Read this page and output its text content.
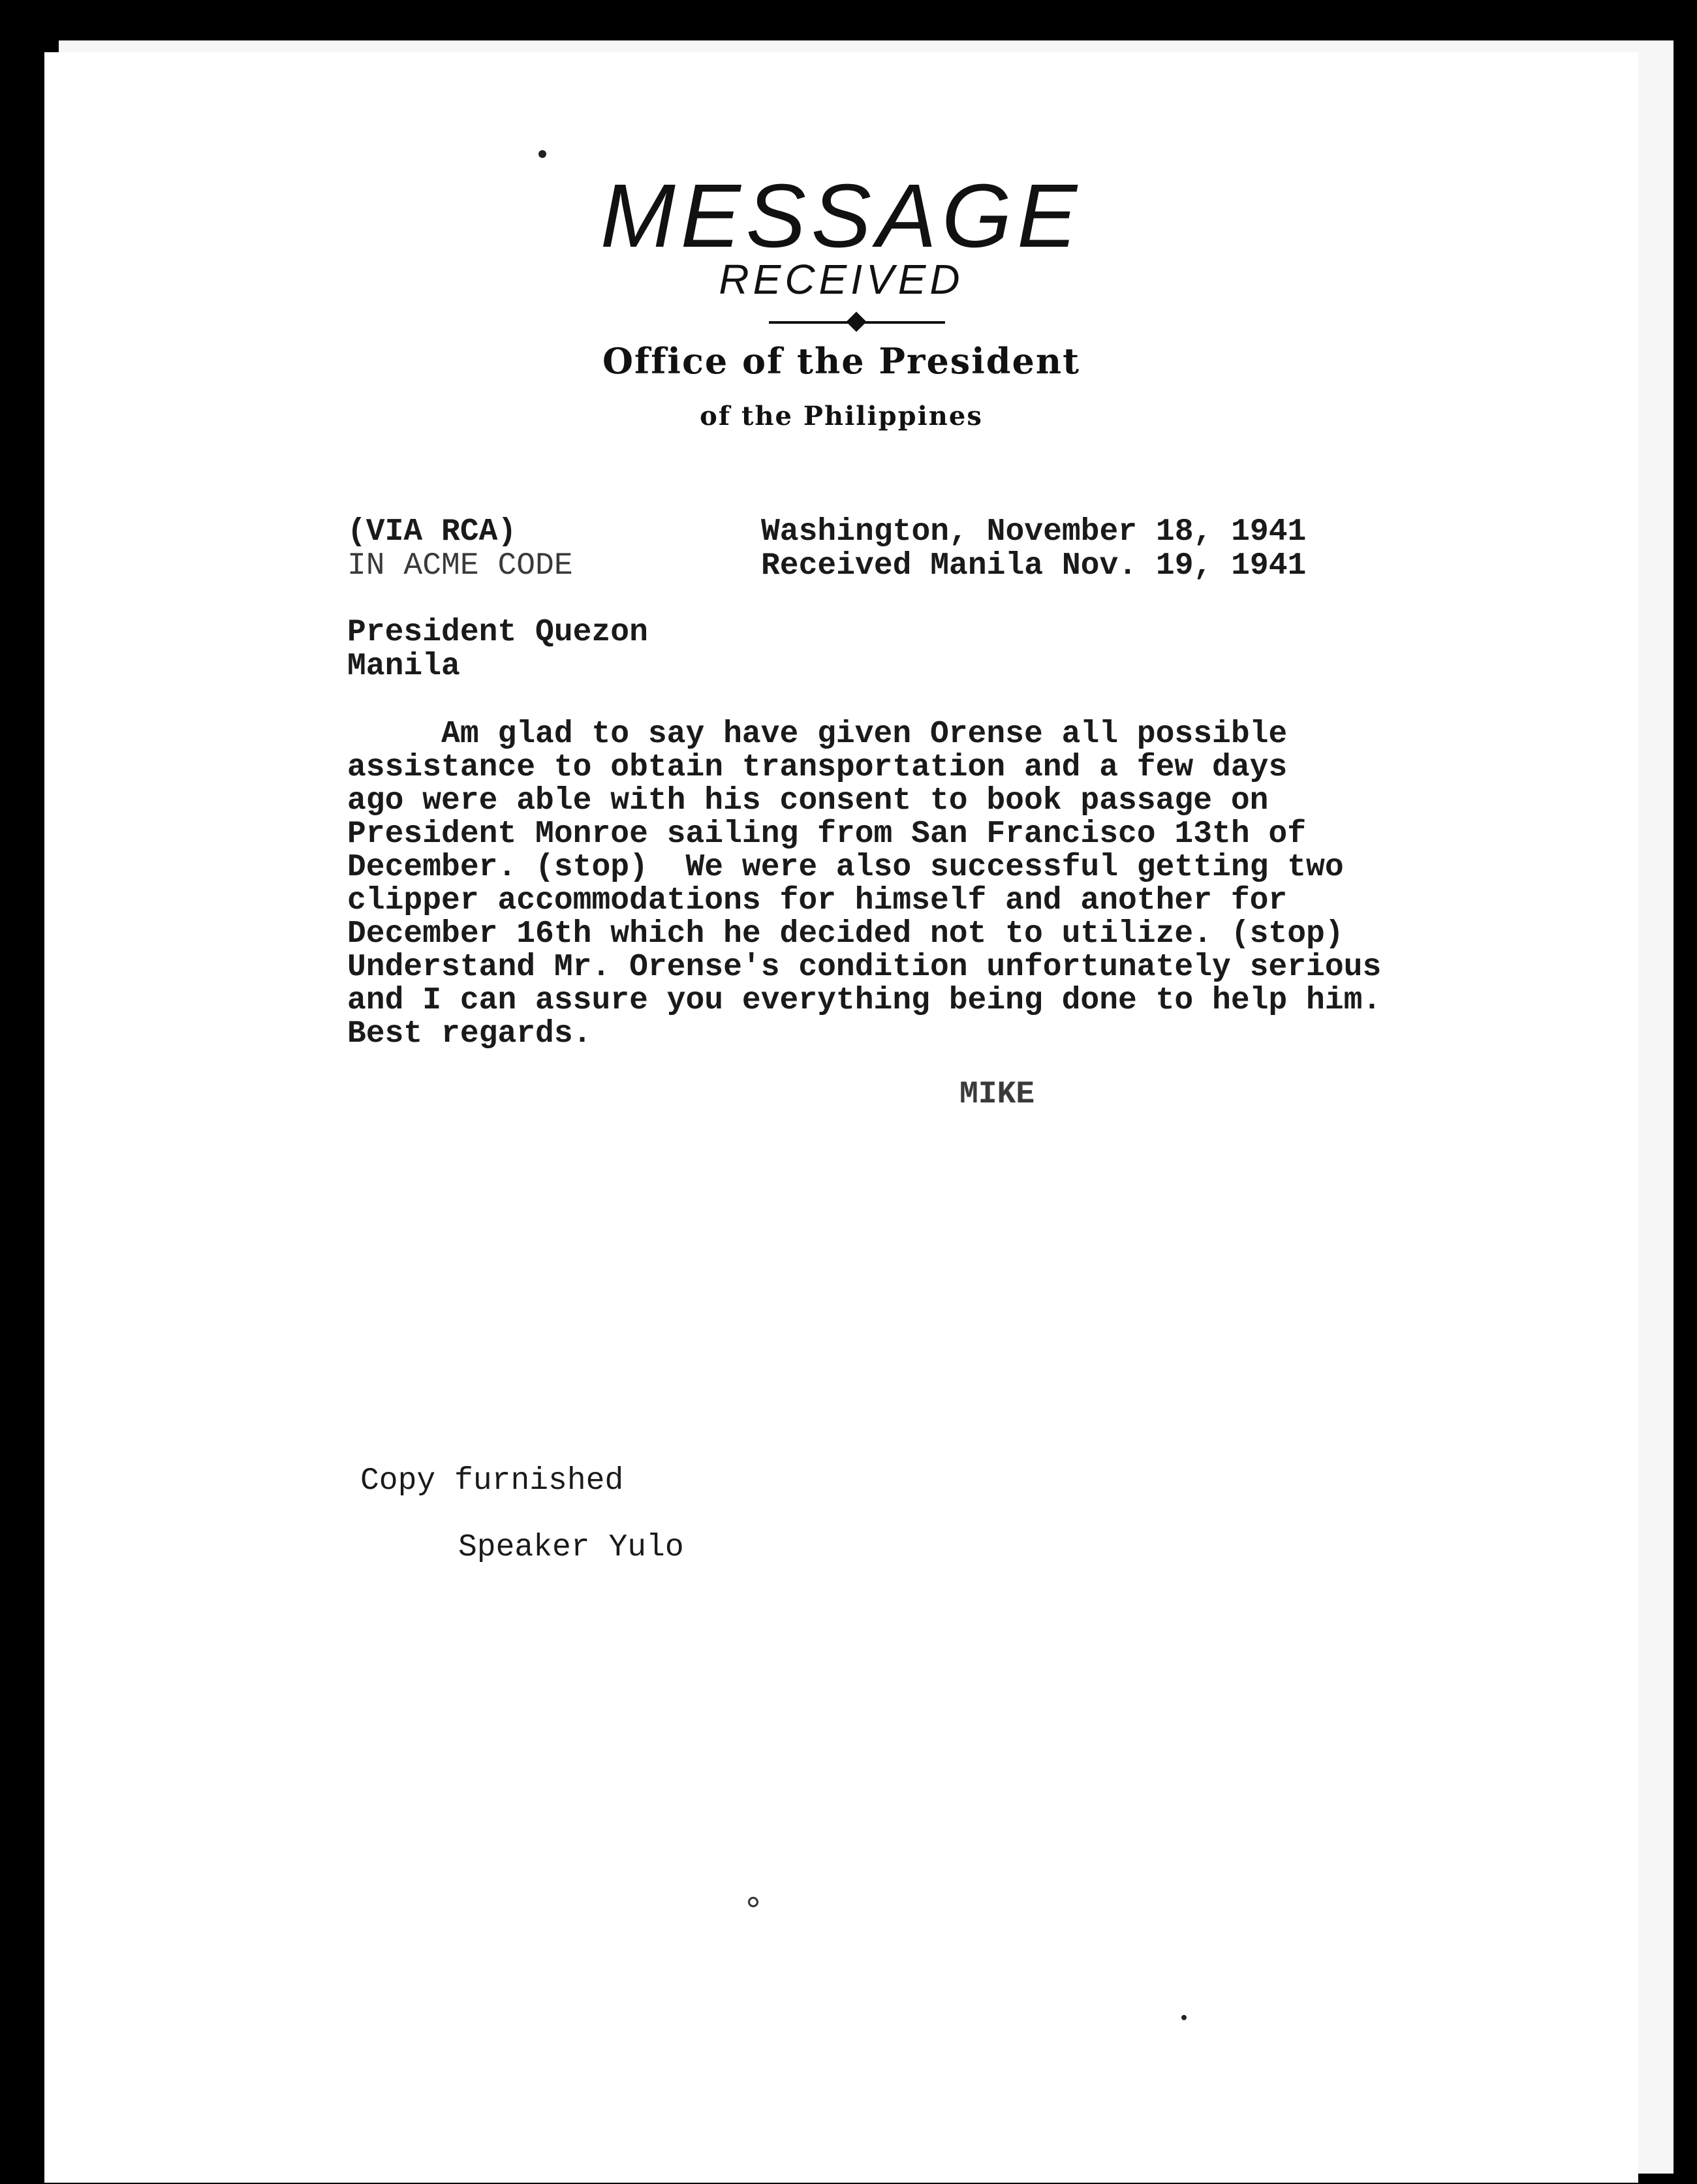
MESSAGE
RECEIVED
Office of the President
of the Philippines
(VIA RCA)
IN ACME CODE
Washington, November 18, 1941
Received Manila Nov. 19, 1941
President Quezon
Manila
Am glad to say have given Orense all possible
assistance to obtain transportation and a few days
ago were able with his consent to book passage on
President Monroe sailing from San Francisco 13th of
December. (stop)  We were also successful getting two
clipper accommodations for himself and another for
December 16th which he decided not to utilize. (stop)
Understand Mr. Orense's condition unfortunately serious
and I can assure you everything being done to help him.
Best regards.
MIKE
Copy furnished
Speaker Yulo
